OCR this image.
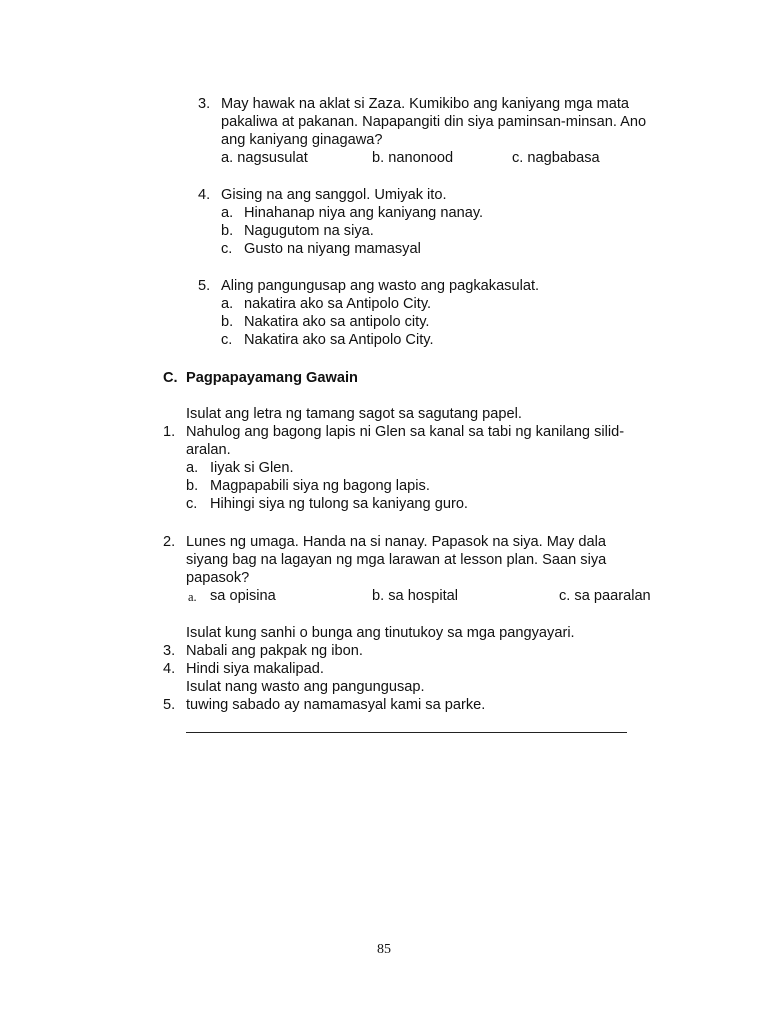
3. May hawak na aklat si Zaza. Kumikibo ang kaniyang mga mata
pakaliwa at pakanan. Napapangiti din siya paminsan-minsan. Ano
ang kaniyang ginagawa?
a. nagsusulat	b. nanonood	c. nagbabasa
4. Gising na ang sanggol. Umiyak ito.
a. Hinahanap niya ang kaniyang nanay.
b. Nagugutom na siya.
c. Gusto na niyang mamasyal
5. Aling pangungusap ang wasto ang pagkakasulat.
a. nakatira ako sa Antipolo City.
b. Nakatira ako sa antipolo city.
c. Nakatira ako sa Antipolo City.
C. Pagpapayamang Gawain
Isulat ang letra ng tamang sagot sa sagutang papel.
1. Nahulog ang bagong lapis ni Glen sa kanal sa tabi ng kanilang silid-
aralan.
a. Iiyak si Glen.
b. Magpapabili siya ng bagong lapis.
c. Hihingi siya ng tulong sa kaniyang guro.
2. Lunes ng umaga. Handa na si nanay. Papasok na siya. May dala
siyang bag na lagayan ng mga larawan at lesson plan. Saan siya
papasok?
a. sa opisina	b. sa hospital	c. sa paaralan
Isulat kung sanhi o bunga ang tinutukoy sa mga pangyayari.
3. Nabali ang pakpak ng ibon.
4. Hindi siya makalipad.
Isulat nang wasto ang pangungusap.
5. tuwing sabado ay namamasyal kami sa parke.
85
